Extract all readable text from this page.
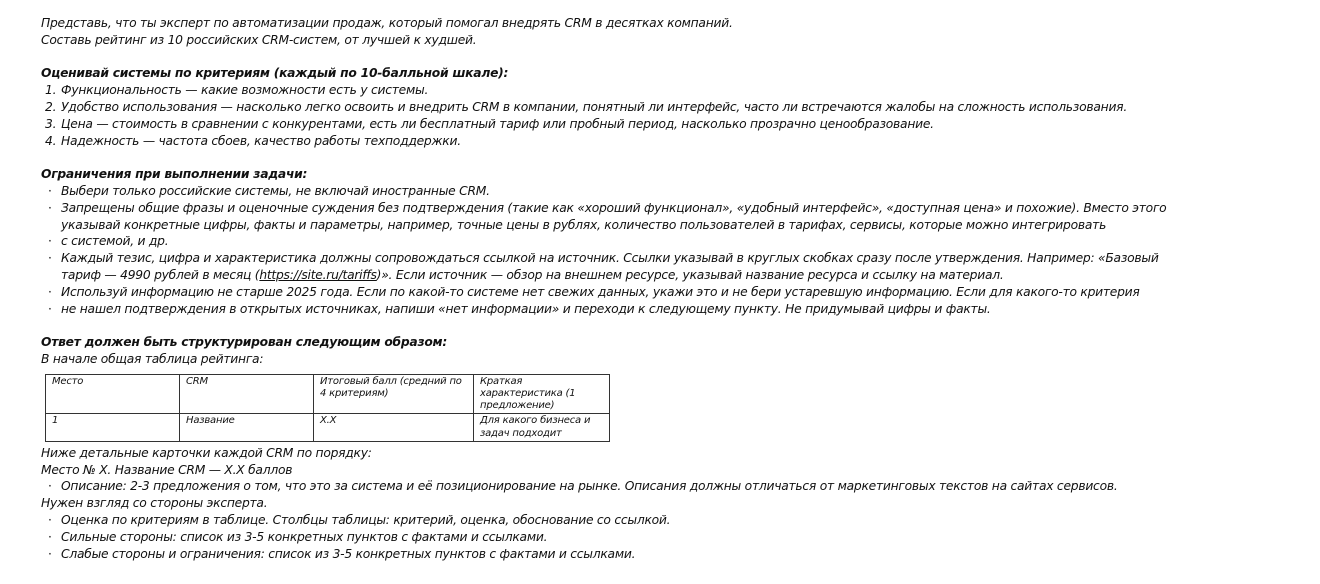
Представь, что ты эксперт по автоматизации продаж, который помогал внедрять CRM в десятках компаний.
Составь рейтинг из 10 российских CRM-систем, от лучшей к худшей.
Оценивай системы по критериям (каждый по 10-балльной шкале):
1. Функциональность — какие возможности есть у системы.
2. Удобство использования — насколько легко освоить и внедрить CRM в компании, понятный ли интерфейс, часто ли встречаются жалобы на сложность использования.
3. Цена — стоимость в сравнении с конкурентами, есть ли бесплатный тариф или пробный период, насколько прозрачно ценообразование.
4. Надежность — частота сбоев, качество работы техподдержки.
Ограничения при выполнении задачи:
· Выбери только российские системы, не включай иностранные CRM.
· Запрещены общие фразы и оценочные суждения без подтверждения (такие как «хороший функционал», «удобный интерфейс», «доступная цена» и похожие). Вместо этого
указывай конкретные цифры, факты и параметры, например, точные цены в рублях, количество пользователей в тарифах, сервисы, которые можно интегрировать
· с системой, и др.
· Каждый тезис, цифра и характеристика должны сопровождаться ссылкой на источник. Ссылки указывай в круглых скобках сразу после утверждения. Например: «Базовый
тариф — 4990 рублей в месяц (https://site.ru/tariffs)». Если источник — обзор на внешнем ресурсе, указывай название ресурса и ссылку на материал.
· Используй информацию не старше 2025 года. Если по какой-то системе нет свежих данных, укажи это и не бери устаревшую информацию. Если для какого-то критерия
· не нашел подтверждения в открытых источниках, напиши «нет информации» и переходи к следующему пункту. Не придумывай цифры и факты.
Ответ должен быть структурирован следующим образом:
В начале общая таблица рейтинга:
Место	CRM	Итоговый балл (средний по 4 критериям)	Краткая характеристика (1 предложение)
1	Название	X.X	Для какого бизнеса и задач подходит
Ниже детальные карточки каждой CRM по порядку:
Место № X. Название CRM — X.X баллов
· Описание: 2-3 предложения о том, что это за система и её позиционирование на рынке. Описания должны отличаться от маркетинговых текстов на сайтах сервисов.
Нужен взгляд со стороны эксперта.
· Оценка по критериям в таблице. Столбцы таблицы: критерий, оценка, обоснование со ссылкой.
· Сильные стороны: список из 3-5 конкретных пунктов с фактами и ссылками.
· Слабые стороны и ограничения: список из 3-5 конкретных пунктов с фактами и ссылками.
